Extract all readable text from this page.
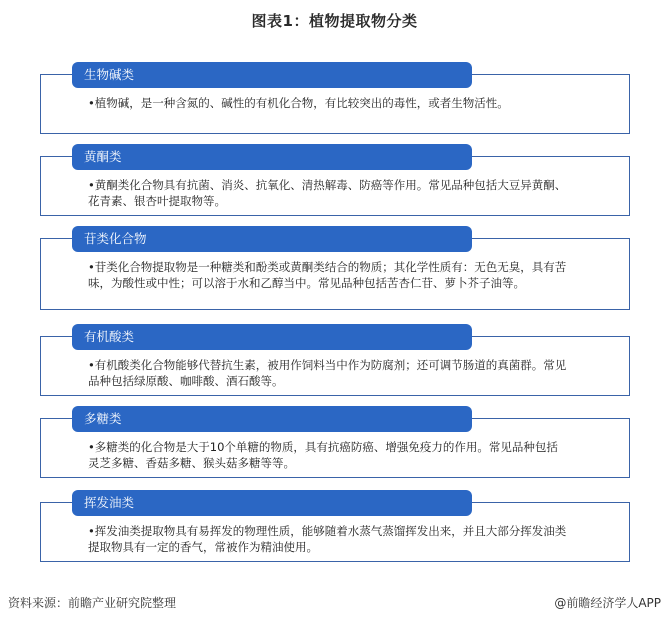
图表1：植物提取物分类
生物碱类
•植物碱，是一种含氮的、碱性的有机化合物，有比较突出的毒性，或者生物活性。
黄酮类
•黄酮类化合物具有抗菌、消炎、抗氧化、清热解毒、防癌等作用。常见品种包括大豆异黄酮、花青素、银杏叶提取物等。
苷类化合物
•苷类化合物提取物是一种糖类和酚类或黄酮类结合的物质；其化学性质有：无色无臭，具有苦味，为酸性或中性；可以溶于水和乙醇当中。常见品种包括苦杏仁苷、萝卜芥子油等。
有机酸类
•有机酸类化合物能够代替抗生素，被用作饲料当中作为防腐剂；还可调节肠道的真菌群。常见品种包括绿原酸、咖啡酸、酒石酸等。
多糖类
•多糖类的化合物是大于10个单糖的物质，具有抗癌防癌、增强免疫力的作用。常见品种包括灵芝多糖、香菇多糖、猴头菇多糖等等。
挥发油类
•挥发油类提取物具有易挥发的物理性质，能够随着水蒸气蒸馏挥发出来，并且大部分挥发油类提取物具有一定的香气，常被作为精油使用。
资料来源：前瞻产业研究院整理	@前瞻经济学人APP
